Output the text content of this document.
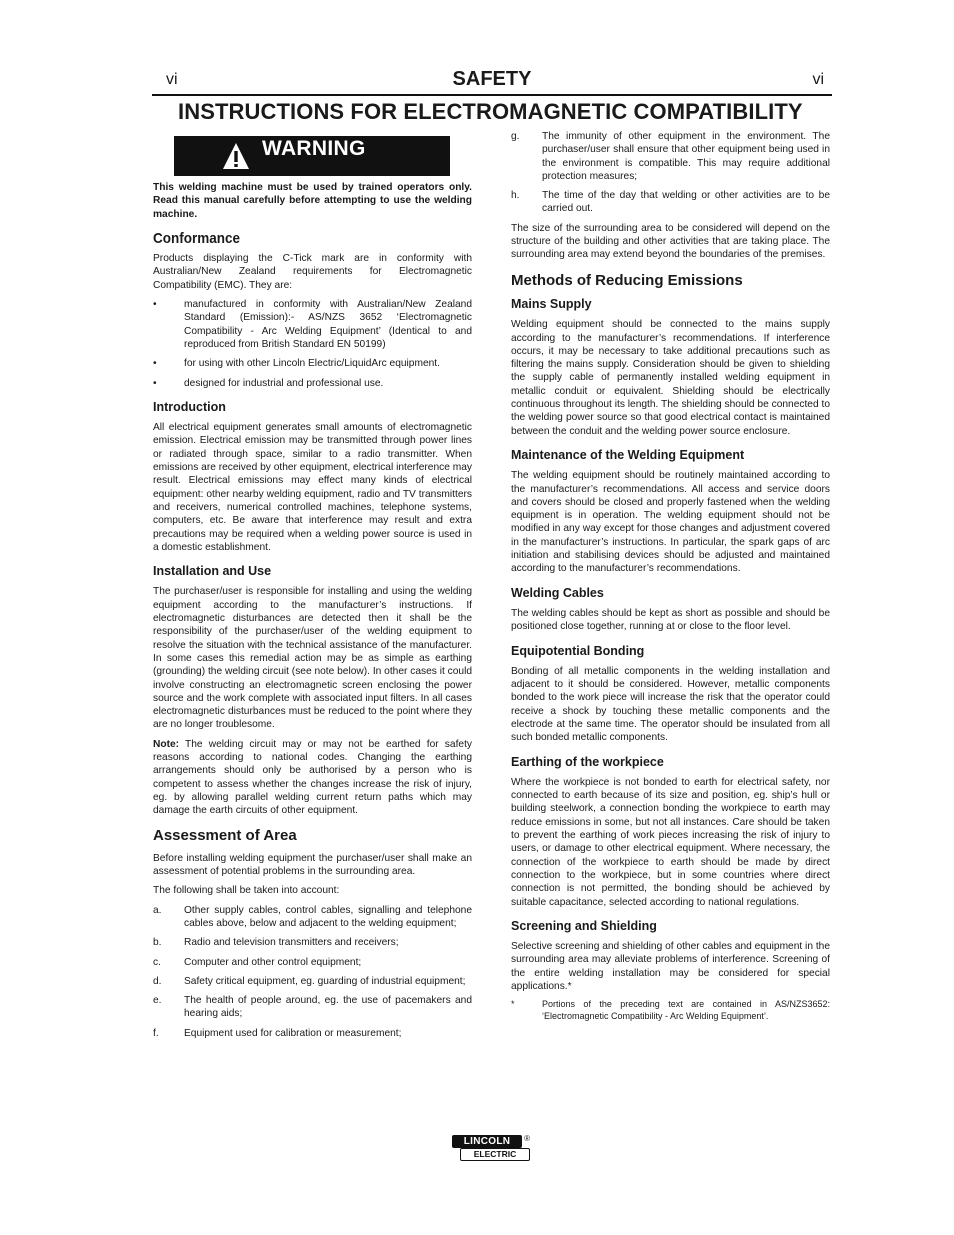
vi	SAFETY	vi
INSTRUCTIONS FOR ELECTROMAGNETIC COMPATIBILITY
WARNING

This welding machine must be used by trained operators only. Read this manual carefully before attempting to use the welding machine.

Conformance

Products displaying the C-Tick mark are in conformity with Australian/New Zealand requirements for Electromagnetic Compatibility (EMC). They are:

•	manufactured in conformity with Australian/New Zealand Standard (Emission):- AS/NZS 3652 ‘Electromagnetic Compatibility - Arc Welding Equipment’ (Identical to and reproduced from British Standard EN 50199)
•	for using with other Lincoln Electric/LiquidArc equipment.
•	designed for industrial and professional use.
Introduction

All electrical equipment generates small amounts of electromagnetic emission. Electrical emission may be transmitted through power lines or radiated through space, similar to a radio transmitter. When emissions are received by other equipment, electrical interference may result. Electrical emissions may effect many kinds of electrical equipment: other nearby welding equipment, radio and TV transmitters and receivers, numerical controlled machines, telephone systems, computers, etc. Be aware that interference may result and extra precautions may be required when a welding power source is used in a domestic establishment.

Installation and Use

The purchaser/user is responsible for installing and using the welding equipment according to the manufacturer’s instructions. If electromagnetic disturbances are detected then it shall be the responsibility of the purchaser/user of the welding equipment to resolve the situation with the technical assistance of the manufacturer. In some cases this remedial action may be as simple as earthing (grounding) the welding circuit (see note below). In other cases it could involve constructing an electromagnetic screen enclosing the power source and the work complete with associated input filters. In all cases electromagnetic disturbances must be reduced to the point where they are no longer troublesome.

Note: The welding circuit may or may not be earthed for safety reasons according to national codes. Changing the earthing arrangements should only be authorised by a person who is competent to assess whether the changes increase the risk of injury, eg. by allowing parallel welding current return paths which may damage the earth circuits of other equipment.

Assessment of Area

Before installing welding equipment the purchaser/user shall make an assessment of potential problems in the surrounding area.

The following shall be taken into account:

a.	Other supply cables, control cables, signalling and telephone cables above, below and adjacent to the welding equipment;
b.	Radio and television transmitters and receivers;
c.	Computer and other control equipment;
d.	Safety critical equipment, eg. guarding of industrial equipment;
e.	The health of people around, eg. the use of pacemakers and hearing aids;
f.	Equipment used for calibration or measurement;
g.	The immunity of other equipment in the environment. The purchaser/user shall ensure that other equipment being used in the environment is compatible. This may require additional protection measures;
h.	The time of the day that welding or other activities are to be carried out.

The size of the surrounding area to be considered will depend on the structure of the building and other activities that are taking place. The surrounding area may extend beyond the boundaries of the premises.

Methods of Reducing Emissions
Mains Supply

Welding equipment should be connected to the mains supply according to the manufacturer’s recommendations. If interference occurs, it may be necessary to take additional precautions such as filtering the mains supply. Consideration should be given to shielding the supply cable of permanently installed welding equipment in metallic conduit or equivalent. Shielding should be electrically continuous throughout its length. The shielding should be connected to the welding power source so that good electrical contact is maintained between the conduit and the welding power source enclosure.

Maintenance of the Welding Equipment

The welding equipment should be routinely maintained according to the manufacturer’s recommendations. All access and service doors and covers should be closed and properly fastened when the welding equipment is in operation. The welding equipment should not be modified in any way except for those changes and adjustment covered in the manufacturer’s instructions. In particular, the spark gaps of arc initiation and stabilising devices should be adjusted and maintained according to the manufacturer’s recommendations.

Welding Cables

The welding cables should be kept as short as possible and should be positioned close together, running at or close to the floor level.

Equipotential Bonding

Bonding of all metallic components in the welding installation and adjacent to it should be considered. However, metallic components bonded to the work piece will increase the risk that the operator could receive a shock by touching these metallic components and the electrode at the same time. The operator should be insulated from all such bonded metallic components.

Earthing of the workpiece

Where the workpiece is not bonded to earth for electrical safety, nor connected to earth because of its size and position, eg. ship’s hull or building steelwork, a connection bonding the workpiece to earth may reduce emissions in some, but not all instances. Care should be taken to prevent the earthing of work pieces increasing the risk of injury to users, or damage to other electrical equipment. Where necessary, the connection of the workpiece to earth should be made by direct connection to the workpiece, but in some countries where direct connection is not permitted, the bonding should be achieved by suitable capacitance, selected according to national regulations.

Screening and Shielding

Selective screening and shielding of other cables and equipment in the surrounding area may alleviate problems of interference. Screening of the entire welding installation may be considered for special applications.*

*	Portions of the preceding text are contained in AS/NZS3652: ‘Electromagnetic Compatibility - Arc Welding Equipment’.
LINCOLN
ELECTRIC
®
